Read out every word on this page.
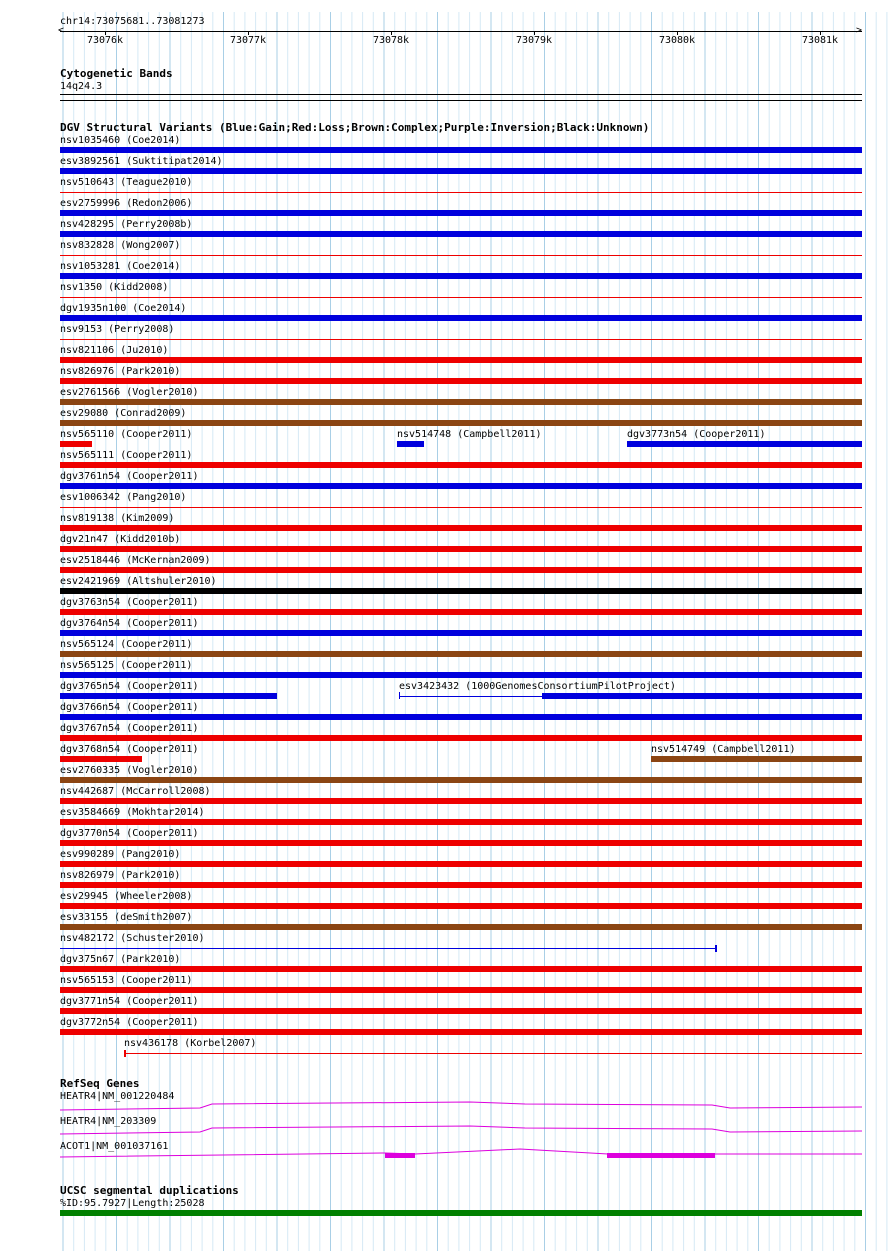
chr14:73075681..73081273
<	>
73076k	73077k	73078k	73079k	73080k	73081k
Cytogenetic Bands
14q24.3
DGV Structural Variants (Blue:Gain;Red:Loss;Brown:Complex;Purple:Inversion;Black:Unknown)
nsv1035460 (Coe2014)
esv3892561 (Suktitipat2014)
nsv510643 (Teague2010)
esv2759996 (Redon2006)
nsv428295 (Perry2008b)
nsv832828 (Wong2007)
nsv1053281 (Coe2014)
nsv1350 (Kidd2008)
dgv1935n100 (Coe2014)
nsv9153 (Perry2008)
nsv821106 (Ju2010)
nsv826976 (Park2010)
esv2761566 (Vogler2010)
esv29080 (Conrad2009)
nsv565110 (Cooper2011)	nsv514748 (Campbell2011)	dgv3773n54 (Cooper2011)
nsv565111 (Cooper2011)
dgv3761n54 (Cooper2011)
esv1006342 (Pang2010)
nsv819138 (Kim2009)
dgv21n47 (Kidd2010b)
esv2518446 (McKernan2009)
esv2421969 (Altshuler2010)
dgv3763n54 (Cooper2011)
dgv3764n54 (Cooper2011)
nsv565124 (Cooper2011)
nsv565125 (Cooper2011)
dgv3765n54 (Cooper2011)	esv3423432 (1000GenomesConsortiumPilotProject)
dgv3766n54 (Cooper2011)
dgv3767n54 (Cooper2011)
dgv3768n54 (Cooper2011)	nsv514749 (Campbell2011)
esv2760335 (Vogler2010)
nsv442687 (McCarroll2008)
esv3584669 (Mokhtar2014)
dgv3770n54 (Cooper2011)
esv990289 (Pang2010)
nsv826979 (Park2010)
esv29945 (Wheeler2008)
esv33155 (deSmith2007)
nsv482172 (Schuster2010)
dgv375n67 (Park2010)
nsv565153 (Cooper2011)
dgv3771n54 (Cooper2011)
dgv3772n54 (Cooper2011)
nsv436178 (Korbel2007)
RefSeq Genes
HEATR4|NM_001220484
HEATR4|NM_203309
ACOT1|NM_001037161
UCSC segmental duplications
%ID:95.7927|Length:25028
